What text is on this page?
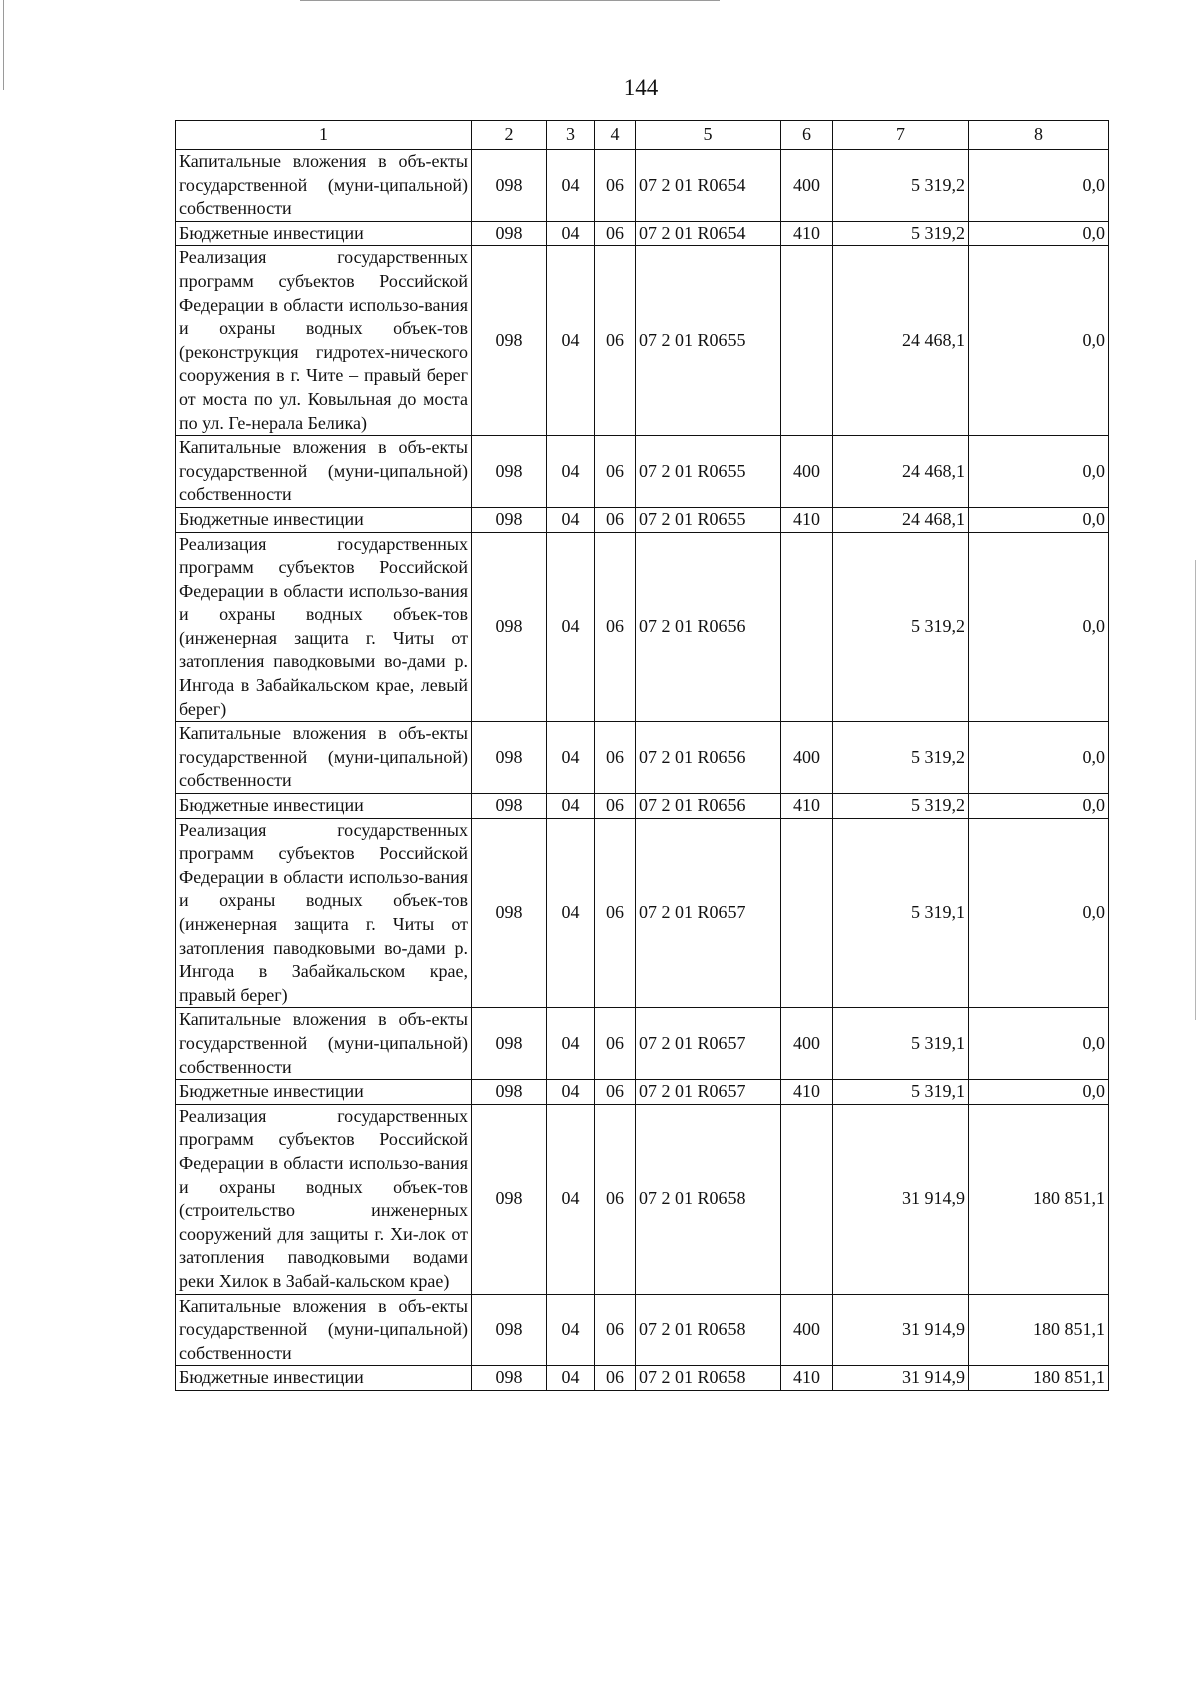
144
1	2	3	4	5	6	7	8
Капитальные вложения в объ-екты государственной (муни-ципальной) собственности	098	04	06	07 2 01 R0654	400	5 319,2	0,0
Бюджетные инвестиции	098	04	06	07 2 01 R0654	410	5 319,2	0,0
Реализация государственных программ субъектов Российской Федерации в области использо-вания и охраны водных объек-тов (реконструкция гидротех-нического сооружения в г. Чите – правый берег от моста по ул. Ковыльная до моста по ул. Ге-нерала Белика)	098	04	06	07 2 01 R0655		24 468,1	0,0
Капитальные вложения в объ-екты государственной (муни-ципальной) собственности	098	04	06	07 2 01 R0655	400	24 468,1	0,0
Бюджетные инвестиции	098	04	06	07 2 01 R0655	410	24 468,1	0,0
Реализация государственных программ субъектов Российской Федерации в области использо-вания и охраны водных объек-тов (инженерная защита г. Читы от затопления паводковыми во-дами р. Ингода в Забайкальском крае, левый берег)	098	04	06	07 2 01 R0656		5 319,2	0,0
Капитальные вложения в объ-екты государственной (муни-ципальной) собственности	098	04	06	07 2 01 R0656	400	5 319,2	0,0
Бюджетные инвестиции	098	04	06	07 2 01 R0656	410	5 319,2	0,0
Реализация государственных программ субъектов Российской Федерации в области использо-вания и охраны водных объек-тов (инженерная защита г. Читы от затопления паводковыми во-дами р. Ингода в Забайкальском крае, правый берег)	098	04	06	07 2 01 R0657		5 319,1	0,0
Капитальные вложения в объ-екты государственной (муни-ципальной) собственности	098	04	06	07 2 01 R0657	400	5 319,1	0,0
Бюджетные инвестиции	098	04	06	07 2 01 R0657	410	5 319,1	0,0
Реализация государственных программ субъектов Российской Федерации в области использо-вания и охраны водных объек-тов (строительство инженерных сооружений для защиты г. Хи-лок от затопления паводковыми водами реки Хилок в Забай-кальском крае)	098	04	06	07 2 01 R0658		31 914,9	180 851,1
Капитальные вложения в объ-екты государственной (муни-ципальной) собственности	098	04	06	07 2 01 R0658	400	31 914,9	180 851,1
Бюджетные инвестиции	098	04	06	07 2 01 R0658	410	31 914,9	180 851,1
